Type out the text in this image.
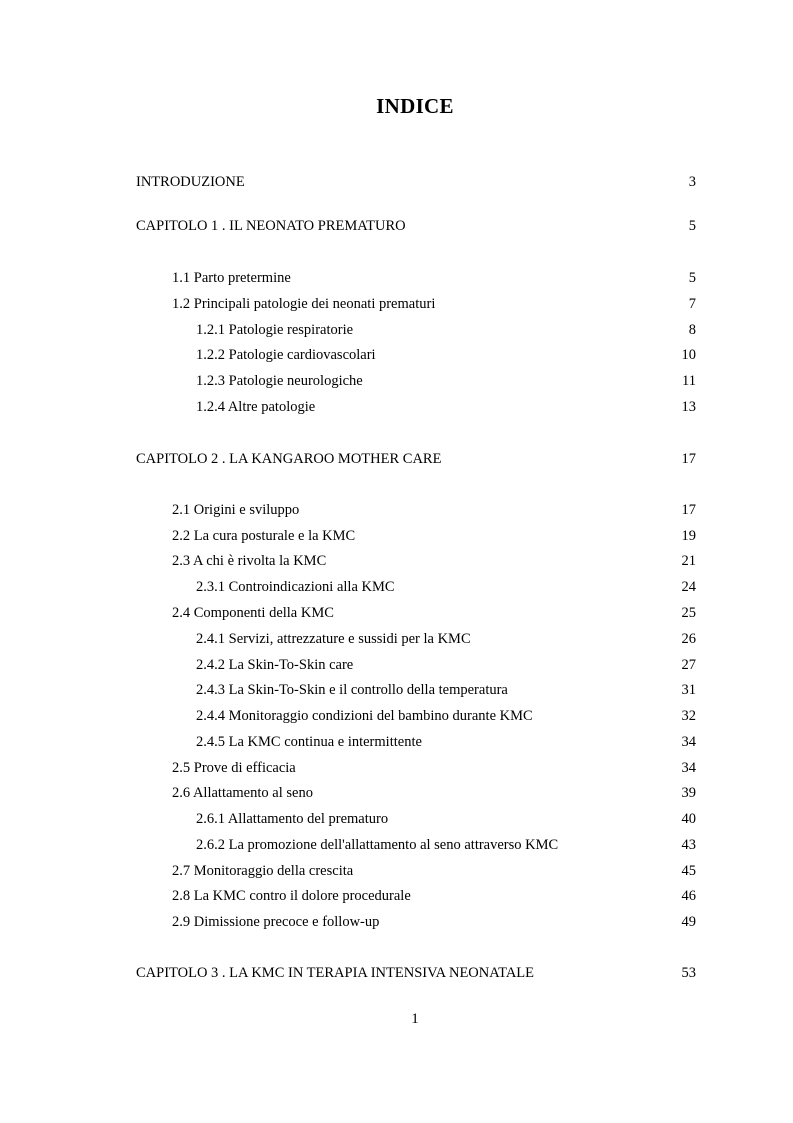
INDICE
INTRODUZIONE	3
CAPITOLO 1 . IL NEONATO PREMATURO	5
1.1 Parto pretermine	5
1.2 Principali patologie dei neonati prematuri	7
1.2.1 Patologie respiratorie	8
1.2.2 Patologie cardiovascolari	10
1.2.3 Patologie neurologiche	11
1.2.4 Altre patologie	13
CAPITOLO 2 . LA KANGAROO MOTHER CARE	17
2.1 Origini e sviluppo	17
2.2 La cura posturale e la KMC	19
2.3 A chi è rivolta la KMC	21
2.3.1 Controindicazioni alla KMC	24
2.4 Componenti della KMC	25
2.4.1 Servizi, attrezzature e sussidi per la KMC	26
2.4.2 La Skin-To-Skin care	27
2.4.3 La Skin-To-Skin e il controllo della temperatura	31
2.4.4 Monitoraggio condizioni del bambino durante KMC	32
2.4.5 La KMC continua e intermittente	34
2.5 Prove di efficacia	34
2.6 Allattamento al seno	39
2.6.1 Allattamento del prematuro	40
2.6.2 La promozione dell'allattamento al seno attraverso KMC	43
2.7 Monitoraggio della crescita	45
2.8 La KMC contro il dolore procedurale	46
2.9 Dimissione precoce e follow-up	49
CAPITOLO 3 . LA KMC IN TERAPIA INTENSIVA NEONATALE	53
1
